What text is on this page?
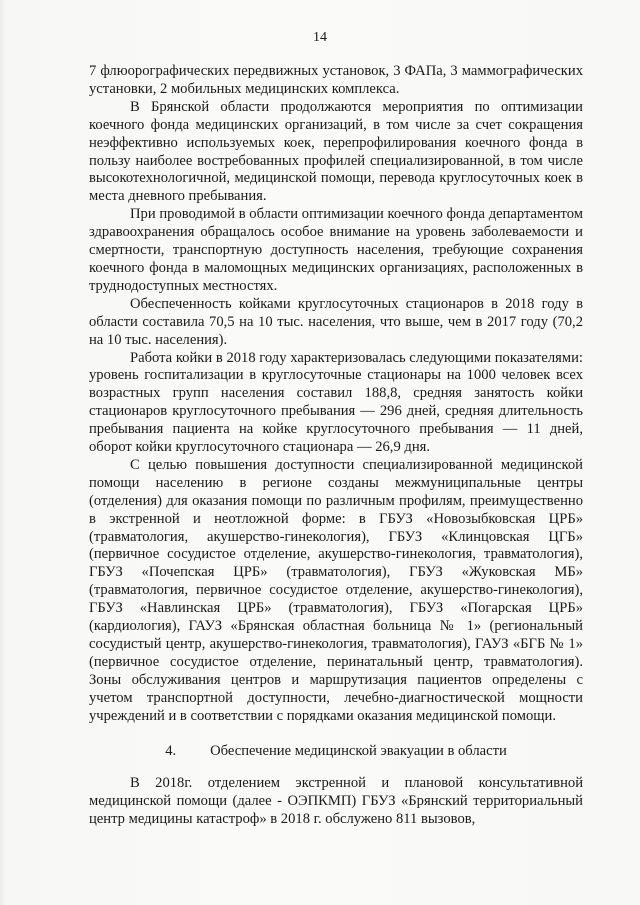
14

7 флюорографических передвижных установок, 3 ФАПа, 3 маммографических установки, 2 мобильных медицинских комплекса.

В Брянской области продолжаются мероприятия по оптимизации коечного фонда медицинских организаций, в том числе за счет сокращения неэффективно используемых коек, перепрофилирования коечного фонда в пользу наиболее востребованных профилей специализированной, в том числе высокотехнологичной, медицинской помощи, перевода круглосуточных коек в места дневного пребывания.

При проводимой в области оптимизации коечного фонда департаментом здравоохранения обращалось особое внимание на уровень заболеваемости и смертности, транспортную доступность населения, требующие сохранения коечного фонда в маломощных медицинских организациях, расположенных в труднодоступных местностях.

Обеспеченность койками круглосуточных стационаров в 2018 году в области составила 70,5 на 10 тыс. населения, что выше, чем в 2017 году (70,2 на 10 тыс. населения).

Работа койки в 2018 году характеризовалась следующими показателями: уровень госпитализации в круглосуточные стационары на 1000 человек всех возрастных групп населения составил 188,8, средняя занятость койки стационаров круглосуточного пребывания — 296 дней, средняя длительность пребывания пациента на койке круглосуточного пребывания — 11 дней, оборот койки круглосуточного стационара — 26,9 дня.

С целью повышения доступности специализированной медицинской помощи населению в регионе созданы межмуниципальные центры (отделения) для оказания помощи по различным профилям, преимущественно в экстренной и неотложной форме: в ГБУЗ «Новозыбковская ЦРБ» (травматология, акушерство-гинекология), ГБУЗ «Клинцовская ЦГБ» (первичное сосудистое отделение, акушерство-гинекология, травматология), ГБУЗ «Почепская ЦРБ» (травматология), ГБУЗ «Жуковская МБ» (травматология, первичное сосудистое отделение, акушерство-гинекология), ГБУЗ «Навлинская ЦРБ» (травматология), ГБУЗ «Погарская ЦРБ» (кардиология), ГАУЗ «Брянская областная больница № 1» (региональный сосудистый центр, акушерство-гинекология, травматология), ГАУЗ «БГБ № 1» (первичное сосудистое отделение, перинатальный центр, травматология). Зоны обслуживания центров и маршрутизация пациентов определены с учетом транспортной доступности, лечебно-диагностической мощности учреждений и в соответствии с порядками оказания медицинской помощи.

4. Обеспечение медицинской эвакуации в области

В 2018г. отделением экстренной и плановой консультативной медицинской помощи (далее - ОЭПКМП) ГБУЗ «Брянский территориальный центр медицины катастроф» в 2018 г. обслужено 811 вызовов,
